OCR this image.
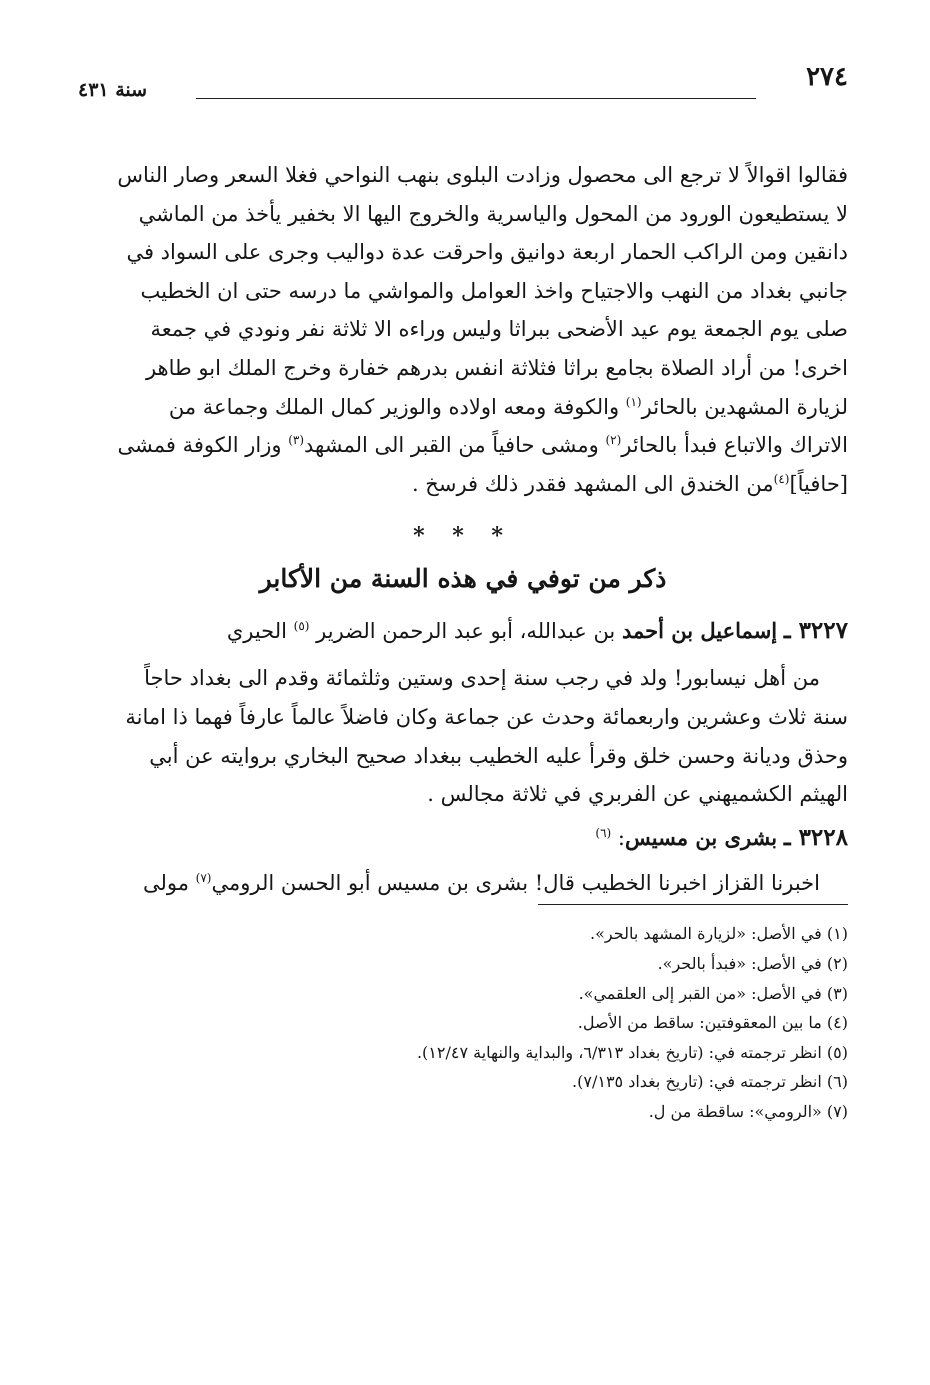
٢٧٤
سنة ٤٣١
فقالوا اقوالاً لا ترجع الى محصول وزادت البلوى بنهب النواحي فغلا السعر وصار الناس
لا يستطيعون الورود من المحول والياسرية والخروج اليها الا بخفير يأخذ من الماشي
دانقين ومن الراكب الحمار اربعة دوانيق واحرقت عدة دواليب وجرى على السواد في
جانبي بغداد من النهب والاجتياح واخذ العوامل والمواشي ما درسه حتى ان الخطيب
صلى يوم الجمعة يوم عيد الأضحى ببراثا وليس وراءه الا ثلاثة نفر ونودي في جمعة
اخرى! من أراد الصلاة بجامع براثا فثلاثة انفس بدرهم خفارة وخرج الملك ابو طاهر
لزيارة المشهدين بالحائر$^{(١)}$ والكوفة ومعه اولاده والوزير كمال الملك وجماعة من
الاتراك والاتباع فبدأ بالحائر$^{(٢)}$ ومشى حافياً من القبر الى المشهد$^{(٣)}$ وزار الكوفة فمشى
[حافياً]$^{(٤)}$من الخندق الى المشهد فقدر ذلك فرسخ .
* * *
ذكر من توفي في هذه السنة من الأكابر
٣٢٢٧ ـ إسماعيل بن أحمد بن عبدالله، أبو عبد الرحمن الضرير $^{(٥)}$ الحيري
من أهل نيسابور! ولد في رجب سنة إحدى وستين وثلثمائة وقدم الى بغداد حاجاً
سنة ثلاث وعشرين واربعمائة وحدث عن جماعة وكان فاضلاً عالماً عارفاً فهما ذا امانة
وحذق وديانة وحسن خلق وقرأ عليه الخطيب ببغداد صحيح البخاري بروايته عن أبي
الهيثم الكشميهني عن الفربري في ثلاثة مجالس .
٣٢٢٨ ـ بشرى بن مسيس: $^{(٦)}$
اخبرنا القزاز اخبرنا الخطيب قال! بشرى بن مسيس أبو الحسن الرومي$^{(٧)}$ مولى
(١) في الأصل: «لزيارة المشهد بالحر».
(٢) في الأصل: «فبدأ بالحر».
(٣) في الأصل: «من القبر إلى العلقمي».
(٤) ما بين المعقوفتين: ساقط من الأصل.
(٥) انظر ترجمته في: (تاريخ بغداد ٦/٣١٣، والبداية والنهاية ١٢/٤٧).
(٦) انظر ترجمته في: (تاريخ بغداد ٧/١٣٥).
(٧) «الرومي»: ساقطة من ل.
